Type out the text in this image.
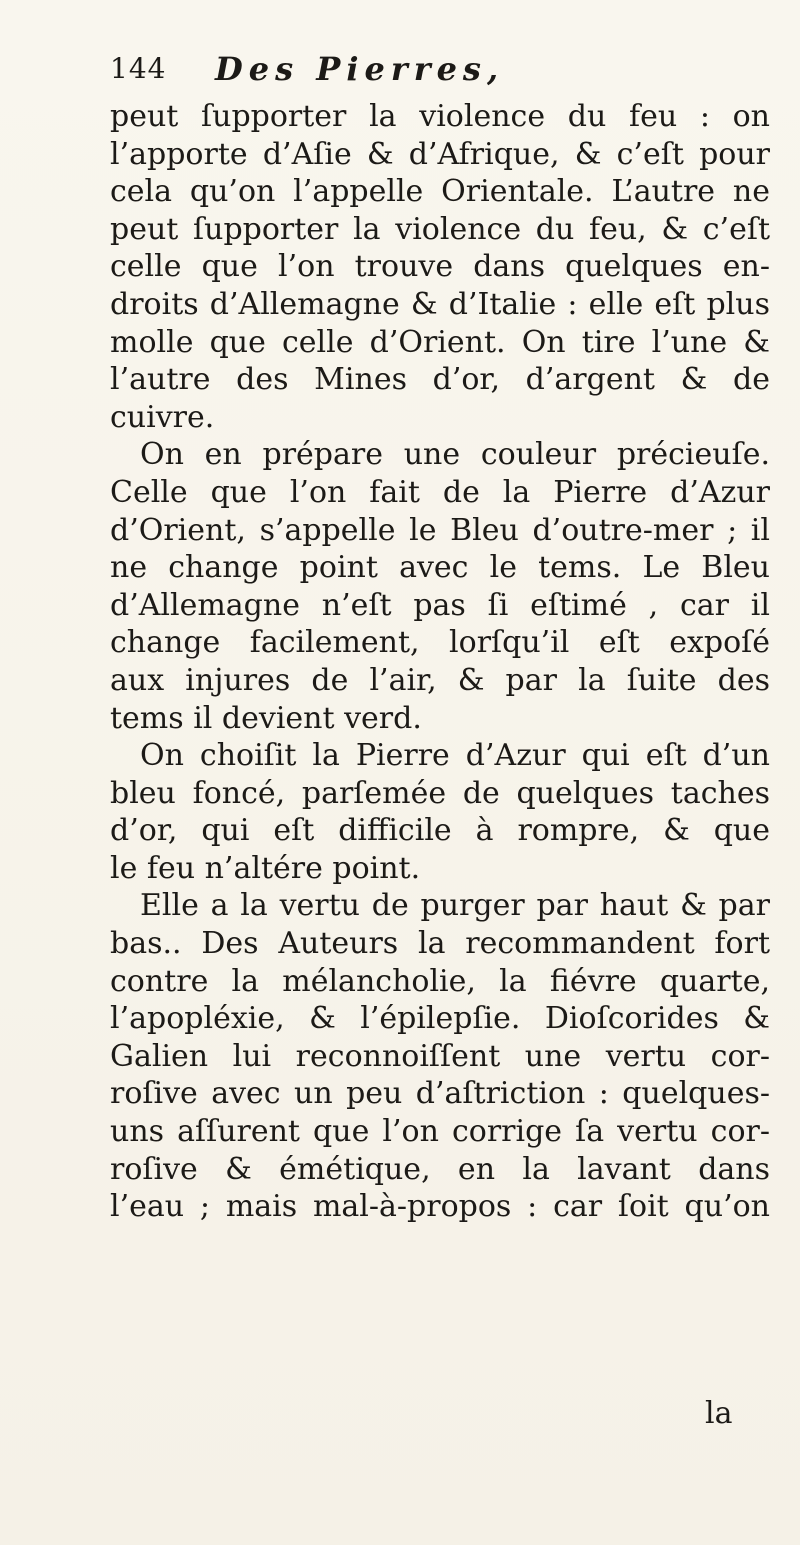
144 Des Pierres,
peut ſupporter la violence du feu : on
l’apporte d’Aſie & d’Afrique, & c’eſt pour
cela qu’on l’appelle Orientale. L’autre ne
peut ſupporter la violence du feu, & c’eſt
celle que l’on trouve dans quelques en-
droits d’Allemagne & d’Italie : elle eſt plus
molle que celle d’Orient. On tire l’une &
l’autre des Mines d’or, d’argent & de
cuivre.
On en prépare une couleur précieuſe.
Celle que l’on fait de la Pierre d’Azur
d’Orient, s’appelle le Bleu d’outre-mer ; il
ne change point avec le tems. Le Bleu
d’Allemagne n’eſt pas ſi eſtimé , car il
change facilement, lorſqu’il eſt expoſé
aux injures de l’air, & par la ſuite des
tems il devient verd.
On choiſit la Pierre d’Azur qui eſt d’un
bleu foncé, parſemée de quelques taches
d’or, qui eſt difficile à rompre, & que
le feu n’altére point.
Elle a la vertu de purger par haut & par
bas.. Des Auteurs la recommandent fort
contre la mélancholie, la fiévre quarte,
l’apopléxie, & l’épilepſie. Dioſcorides &
Galien lui reconnoiſſent une vertu cor-
roſive avec un peu d’aſtriction : quelques-
uns aſſurent que l’on corrige ſa vertu cor-
roſive & émétique, en la lavant dans
l’eau ; mais mal-à-propos : car ſoit qu’on
la
